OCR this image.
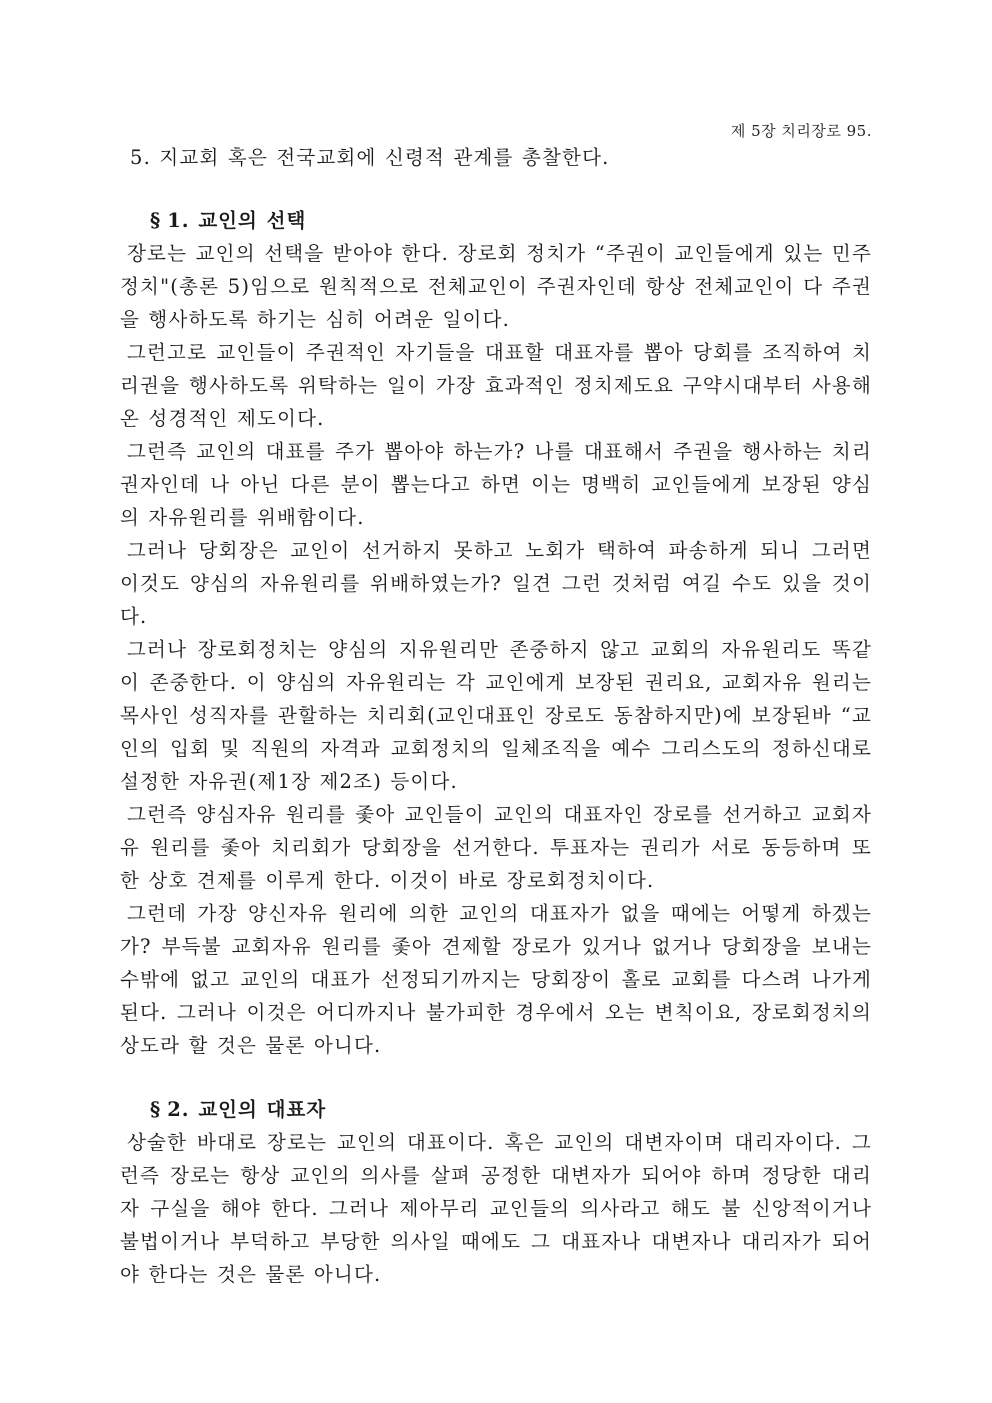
제 5장 치리장로 95.

5. 지교회 혹은 전국교회에 신령적 관계를 총찰한다.

§ 1. 교인의 선택

장로는 교인의 선택을 받아야 한다. 장로회 정치가 “주권이 교인들에게 있는 민주정치"(총론 5)임으로 원칙적으로 전체교인이 주권자인데 항상 전체교인이 다 주권을 행사하도록 하기는 심히 어려운 일이다.

그런고로 교인들이 주권적인 자기들을 대표할 대표자를 뽑아 당회를 조직하여 치리권을 행사하도록 위탁하는 일이 가장 효과적인 정치제도요 구약시대부터 사용해온 성경적인 제도이다.

그런즉 교인의 대표를 주가 뽑아야 하는가? 나를 대표해서 주권을 행사하는 치리권자인데 나 아닌 다른 분이 뽑는다고 하면 이는 명백히 교인들에게 보장된 양심의 자유원리를 위배함이다.

그러나 당회장은 교인이 선거하지 못하고 노회가 택하여 파송하게 되니 그러면 이것도 양심의 자유원리를 위배하였는가? 일견 그런 것처럼 여길 수도 있을 것이다.

그러나 장로회정치는 양심의 지유원리만 존중하지 않고 교회의 자유원리도 똑같이 존중한다. 이 양심의 자유원리는 각 교인에게 보장된 권리요, 교회자유 원리는 목사인 성직자를 관할하는 치리회(교인대표인 장로도 동참하지만)에 보장된바 “교인의 입회 및 직원의 자격과 교회정치의 일체조직을 예수 그리스도의 정하신대로 설정한 자유권(제1장 제2조) 등이다.

그런즉 양심자유 원리를 좇아 교인들이 교인의 대표자인 장로를 선거하고 교회자유 원리를 좇아 치리회가 당회장을 선거한다. 투표자는 권리가 서로 동등하며 또한 상호 견제를 이루게 한다. 이것이 바로 장로회정치이다.

그런데 가장 양신자유 원리에 의한 교인의 대표자가 없을 때에는 어떻게 하겠는가? 부득불 교회자유 원리를 좇아 견제할 장로가 있거나 없거나 당회장을 보내는 수밖에 없고 교인의 대표가 선정되기까지는 당회장이 홀로 교회를 다스려 나가게 된다. 그러나 이것은 어디까지나 불가피한 경우에서 오는 변칙이요, 장로회정치의 상도라 할 것은 물론 아니다.

§ 2. 교인의 대표자

상술한 바대로 장로는 교인의 대표이다. 혹은 교인의 대변자이며 대리자이다. 그런즉 장로는 항상 교인의 의사를 살펴 공정한 대변자가 되어야 하며 정당한 대리자 구실을 해야 한다. 그러나 제아무리 교인들의 의사라고 해도 불 신앙적이거나 불법이거나 부덕하고 부당한 의사일 때에도 그 대표자나 대변자나 대리자가 되어야 한다는 것은 물론 아니다.
